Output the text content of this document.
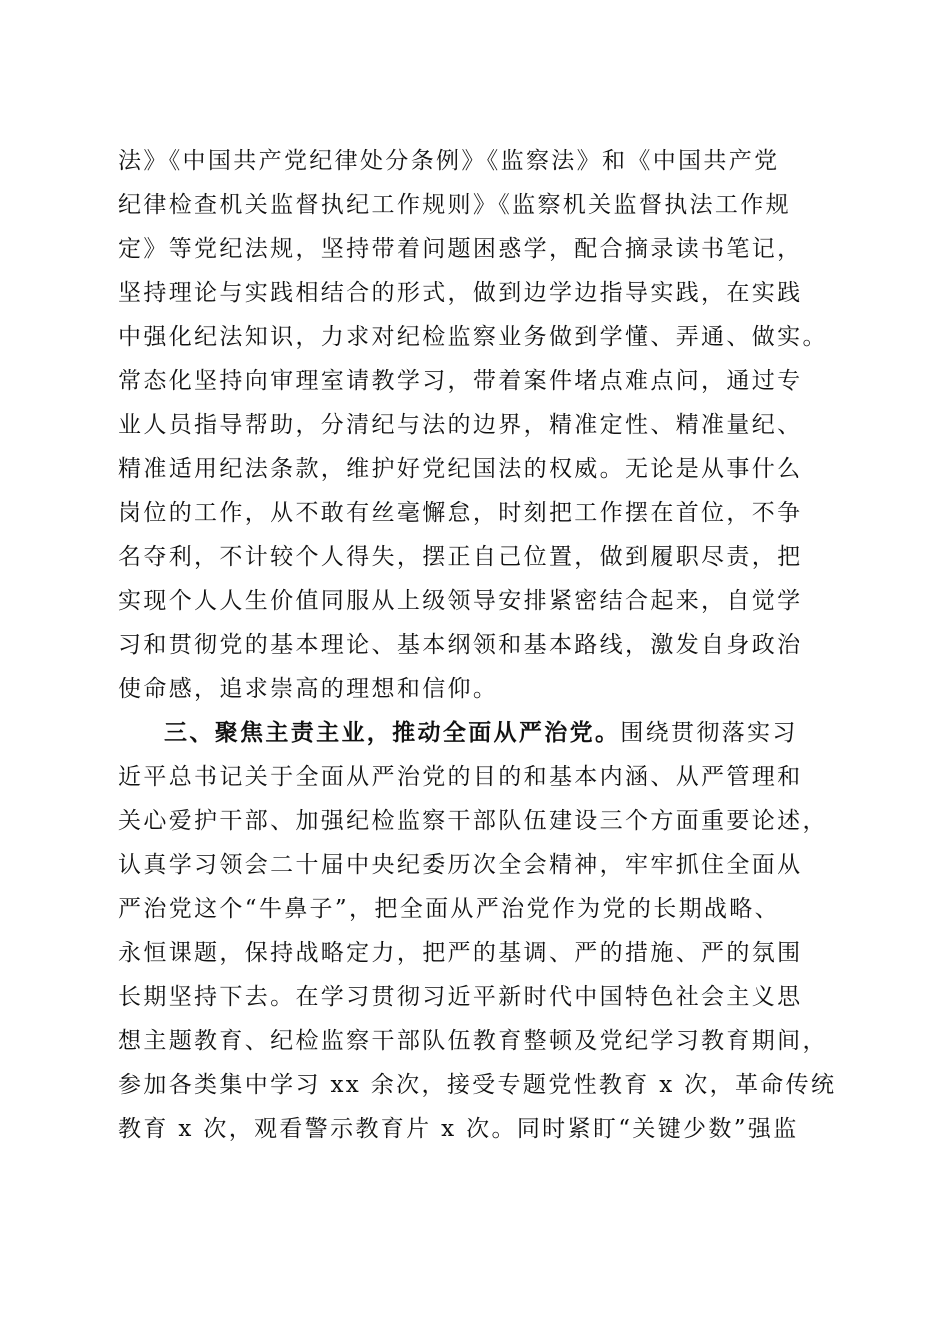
法》《中国共产党纪律处分条例》《监察法》和《中国共产党
纪律检查机关监督执纪工作规则》《监察机关监督执法工作规
定》等党纪法规，坚持带着问题困惑学，配合摘录读书笔记，
坚持理论与实践相结合的形式，做到边学边指导实践，在实践
中强化纪法知识，力求对纪检监察业务做到学懂、弄通、做实。
常态化坚持向审理室请教学习，带着案件堵点难点问，通过专
业人员指导帮助，分清纪与法的边界，精准定性、精准量纪、
精准适用纪法条款，维护好党纪国法的权威。无论是从事什么
岗位的工作，从不敢有丝毫懈怠，时刻把工作摆在首位，不争
名夺利，不计较个人得失，摆正自己位置，做到履职尽责，把
实现个人人生价值同服从上级领导安排紧密结合起来，自觉学
习和贯彻党的基本理论、基本纲领和基本路线，激发自身政治
使命感，追求崇高的理想和信仰。
三、聚焦主责主业，推动全面从严治党。围绕贯彻落实习
近平总书记关于全面从严治党的目的和基本内涵、从严管理和
关心爱护干部、加强纪检监察干部队伍建设三个方面重要论述，
认真学习领会二十届中央纪委历次全会精神，牢牢抓住全面从
严治党这个“牛鼻子”，把全面从严治党作为党的长期战略、
永恒课题，保持战略定力，把严的基调、严的措施、严的氛围
长期坚持下去。在学习贯彻习近平新时代中国特色社会主义思
想主题教育、纪检监察干部队伍教育整顿及党纪学习教育期间，
参加各类集中学习 xx 余次，接受专题党性教育 x 次，革命传统
教育 x 次，观看警示教育片 x 次。同时紧盯“关键少数”强监
